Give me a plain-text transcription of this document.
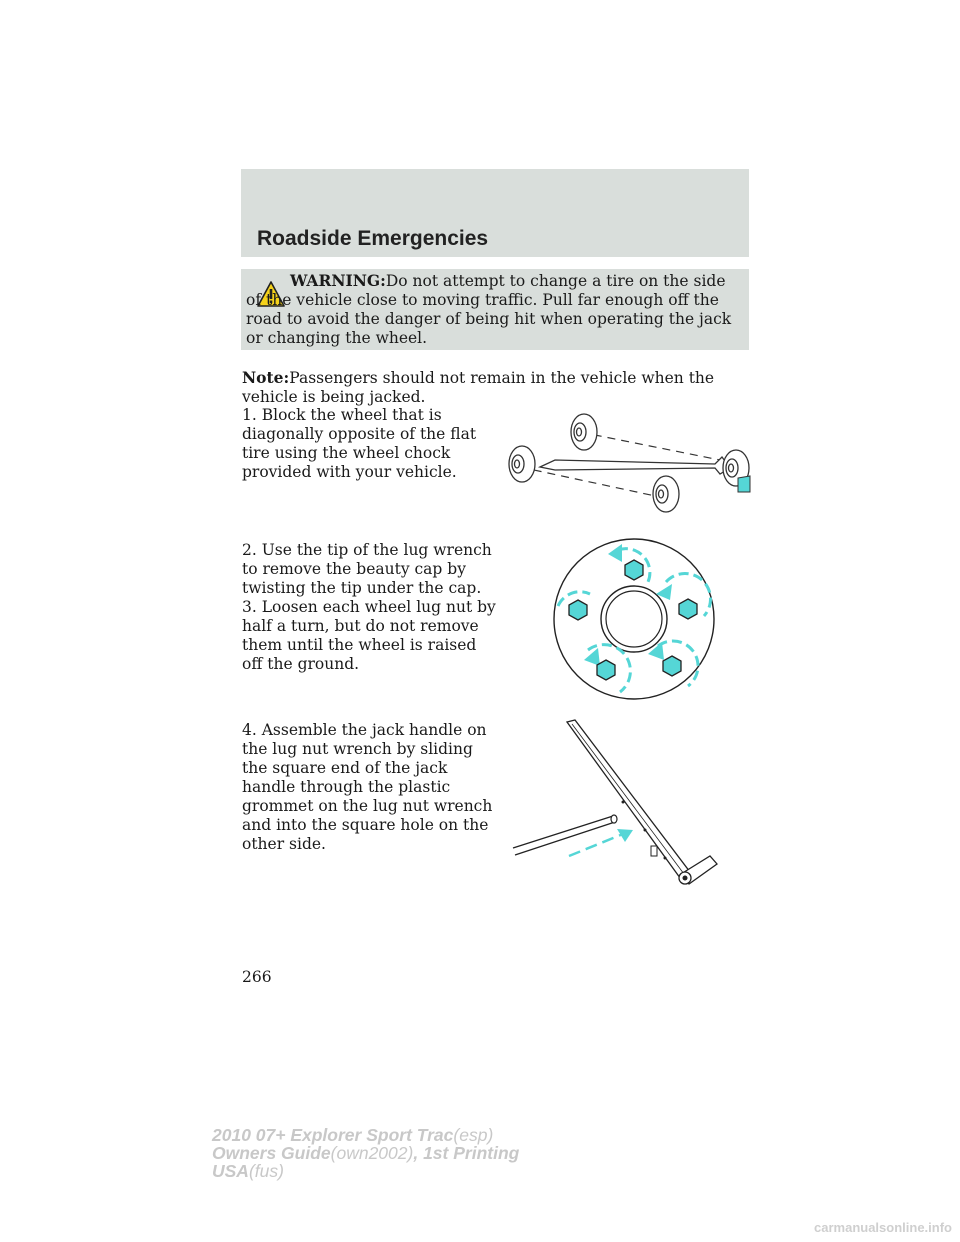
Roadside Emergencies
WARNING:Do not attempt to change a tire on the side of the vehicle close to moving traffic. Pull far enough off the road to avoid the danger of being hit when operating the jack or changing the wheel.
Note:Passengers should not remain in the vehicle when the vehicle is being jacked.
1. Block the wheel that is diagonally opposite of the flat tire using the wheel chock provided with your vehicle.
2. Use the tip of the lug wrench to remove the beauty cap by twisting the tip under the cap.
3. Loosen each wheel lug nut by half a turn, but do not remove them until the wheel is raised off the ground.
4. Assemble the jack handle on the lug nut wrench by sliding the square end of the jack handle through the plastic grommet on the lug nut wrench and into the square hole on the other side.
266
2010 07+ Explorer Sport Trac(esp)
Owners Guide(own2002), 1st Printing
USA(fus)
carmanualsonline.info
